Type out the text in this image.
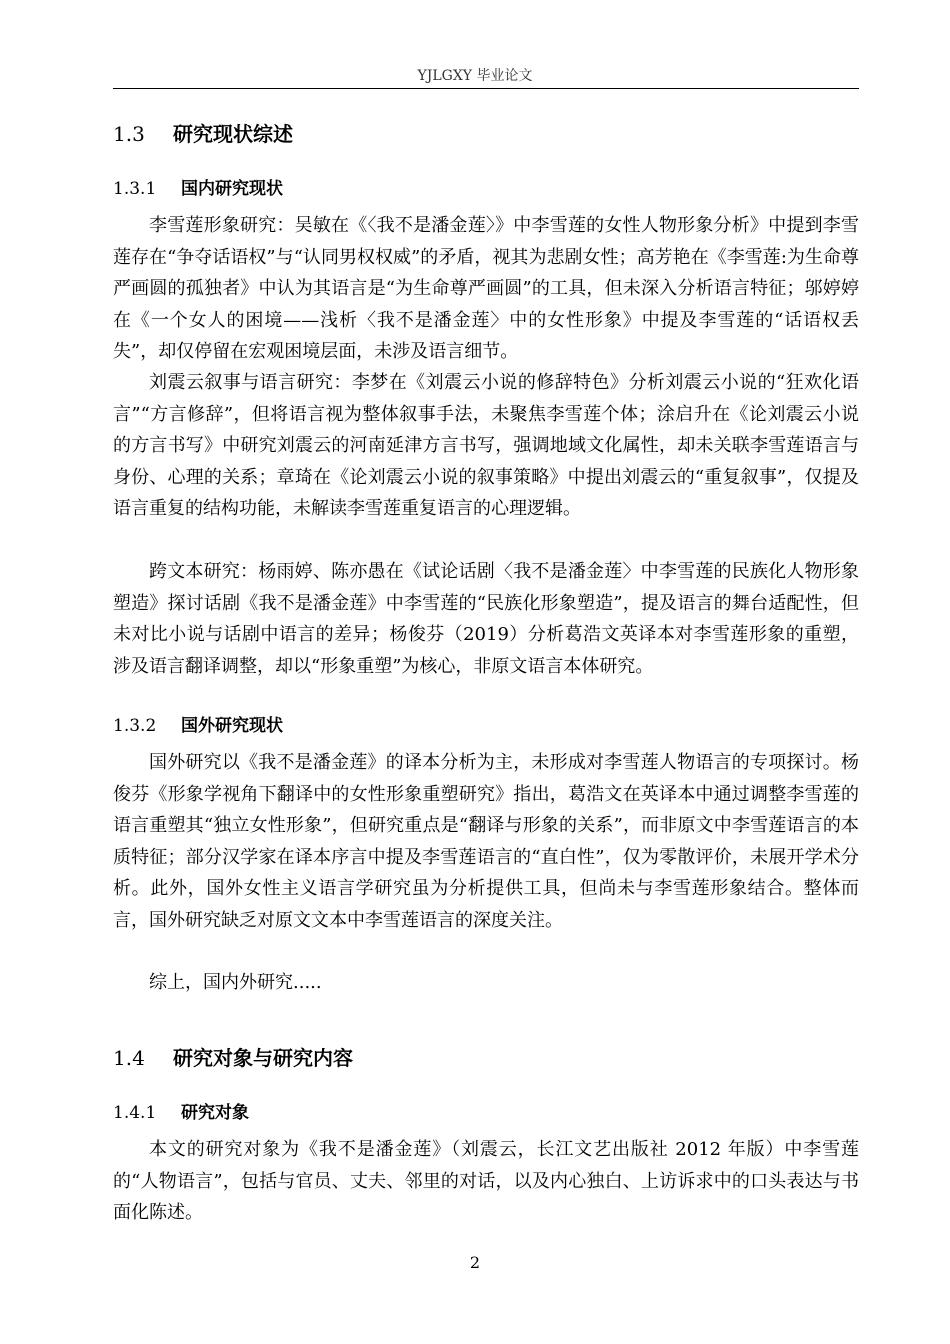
YJLGXY 毕业论文
1.3 研究现状综述
1.3.1 国内研究现状

李雪莲形象研究：吴敏在《〈我不是潘金莲〉》中李雪莲的女性人物形象分析》中提到李雪莲存在“争夺话语权”与“认同男权权威”的矛盾，视其为悲剧女性；高芳艳在《李雪莲:为生命尊严画圆的孤独者》中认为其语言是“为生命尊严画圆”的工具，但未深入分析语言特征；邬婷婷在《一个女人的困境——浅析〈我不是潘金莲〉中的女性形象》中提及李雪莲的“话语权丢失”，却仅停留在宏观困境层面，未涉及语言细节。

刘震云叙事与语言研究：李梦在《刘震云小说的修辞特色》分析刘震云小说的“狂欢化语言”“方言修辞”，但将语言视为整体叙事手法，未聚焦李雪莲个体；涂启升在《论刘震云小说的方言书写》中研究刘震云的河南延津方言书写，强调地域文化属性，却未关联李雪莲语言与身份、心理的关系；章琦在《论刘震云小说的叙事策略》中提出刘震云的“重复叙事”，仅提及语言重复的结构功能，未解读李雪莲重复语言的心理逻辑。

跨文本研究：杨雨婷、陈亦愚在《试论话剧〈我不是潘金莲〉中李雪莲的民族化人物形象塑造》探讨话剧《我不是潘金莲》中李雪莲的“民族化形象塑造”，提及语言的舞台适配性，但未对比小说与话剧中语言的差异；杨俊芬（2019）分析葛浩文英译本对李雪莲形象的重塑，涉及语言翻译调整，却以“形象重塑”为核心，非原文语言本体研究。

1.3.2 国外研究现状

国外研究以《我不是潘金莲》的译本分析为主，未形成对李雪莲人物语言的专项探讨。杨俊芬《形象学视角下翻译中的女性形象重塑研究》指出，葛浩文在英译本中通过调整李雪莲的语言重塑其“独立女性形象”，但研究重点是“翻译与形象的关系”，而非原文中李雪莲语言的本质特征；部分汉学家在译本序言中提及李雪莲语言的“直白性”，仅为零散评价，未展开学术分析。此外，国外女性主义语言学研究虽为分析提供工具，但尚未与李雪莲形象结合。整体而言，国外研究缺乏对原文文本中李雪莲语言的深度关注。

综上，国内外研究.....

1.4 研究对象与研究内容
1.4.1 研究对象

本文的研究对象为《我不是潘金莲》（刘震云，长江文艺出版社 2012 年版）中李雪莲的“人物语言”，包括与官员、丈夫、邻里的对话，以及内心独白、上访诉求中的口头表达与书面化陈述。

2
